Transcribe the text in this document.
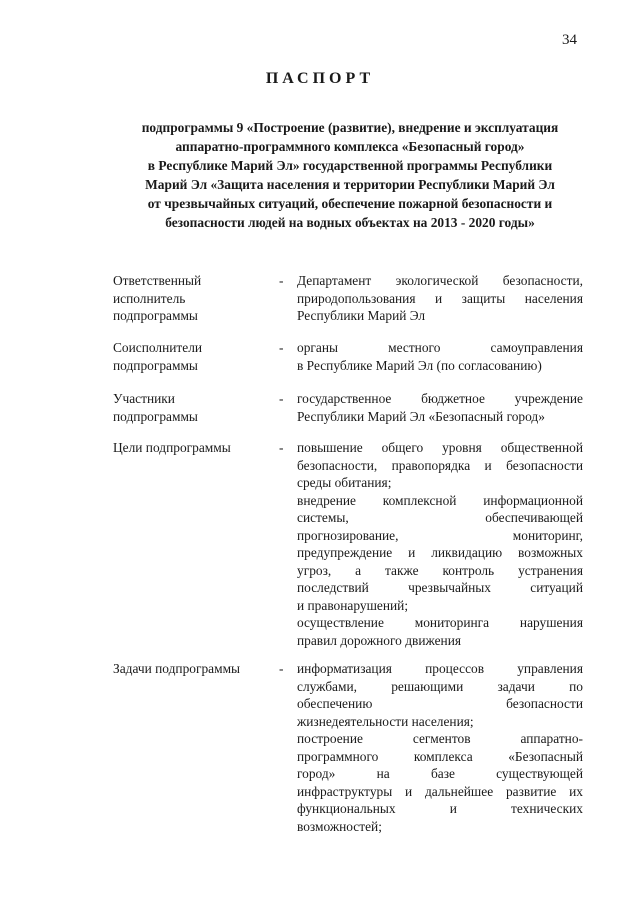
34
ПАСПОРТ
подпрограммы 9 «Построение (развитие), внедрение и эксплуатация
аппаратно-программного комплекса «Безопасный город»
в Республике Марий Эл» государственной программы Республики
Марий Эл «Защита населения и территории Республики Марий Эл
от чрезвычайных ситуаций, обеспечение пожарной безопасности и
безопасности людей на водных объектах на 2013 - 2020 годы»
Ответственный
исполнитель
подпрограммы
- Департамент экологической безопасности,
природопользования и защиты населения
Республики Марий Эл
Соисполнители
подпрограммы
- органы местного самоуправления
в Республике Марий Эл (по согласованию)
Участники
подпрограммы
- государственное бюджетное учреждение
Республики Марий Эл «Безопасный город»
Цели подпрограммы	- повышение общего уровня общественной
безопасности, правопорядка и безопасности
среды обитания;
внедрение комплексной информационной
системы, обеспечивающей
прогнозирование, мониторинг,
предупреждение и ликвидацию возможных
угроз, а также контроль устранения
последствий чрезвычайных ситуаций
и правонарушений;
осуществление мониторинга нарушения
правил дорожного движения
Задачи подпрограммы	- информатизация процессов управления
службами, решающими задачи по
обеспечению безопасности
жизнедеятельности населения;
построение сегментов аппаратно-
программного комплекса «Безопасный
город» на базе существующей
инфраструктуры и дальнейшее развитие их
функциональных и технических
возможностей;
